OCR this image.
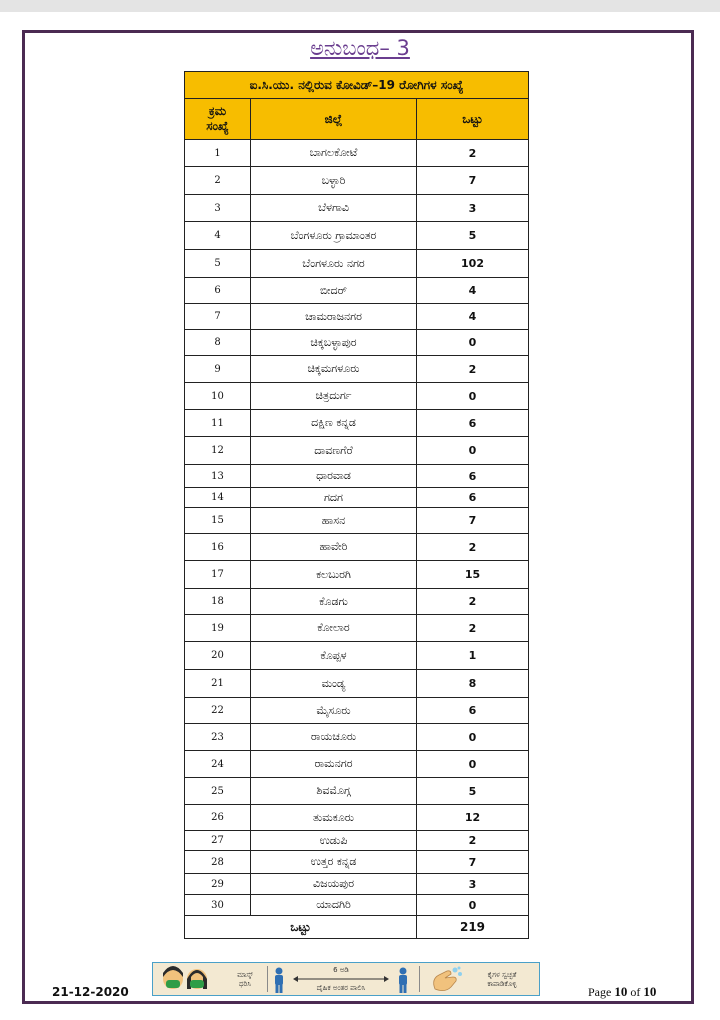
ಅನುಬಂಧ– 3
ಐ.ಸಿ.ಯು. ನಲ್ಲಿರುವ ಕೋವಿಡ್–19 ರೋಗಿಗಳ ಸಂಖ್ಯೆ		
ಕ್ರಮ
ಸಂಖ್ಯೆ	ಜಿಲ್ಲೆ	ಒಟ್ಟು
1	ಬಾಗಲಕೋಟೆ	2
2	ಬಳ್ಳಾರಿ	7
3	ಬೆಳಗಾವಿ	3
4	ಬೆಂಗಳೂರು ಗ್ರಾಮಾಂತರ	5
5	ಬೆಂಗಳೂರು ನಗರ	102
6	ಬೀದರ್	4
7	ಚಾಮರಾಜನಗರ	4
8	ಚಿಕ್ಕಬಳ್ಳಾಪುರ	0
9	ಚಿಕ್ಕಮಗಳೂರು	2
10	ಚಿತ್ರದುರ್ಗ	0
11	ದಕ್ಷಿಣ ಕನ್ನಡ	6
12	ದಾವಣಗೆರೆ	0
13	ಧಾರವಾಡ	6
14	ಗದಗ	6
15	ಹಾಸನ	7
16	ಹಾವೇರಿ	2
17	ಕಲಬುರಗಿ	15
18	ಕೊಡಗು	2
19	ಕೋಲಾರ	2
20	ಕೊಪ್ಪಳ	1
21	ಮಂಡ್ಯ	8
22	ಮೈಸೂರು	6
23	ರಾಯಚೂರು	0
24	ರಾಮನಗರ	0
25	ಶಿವಮೊಗ್ಗ	5
26	ತುಮಕೂರು	12
27	ಉಡುಪಿ	2
28	ಉತ್ತರ ಕನ್ನಡ	7
29	ವಿಜಯಪುರ	3
30	ಯಾದಗಿರಿ	0
ಒಟ್ಟು		219
ಮಾಸ್ಕ್
ಧರಿಸಿ
6 ಅಡಿ
ದೈಹಿಕ ಅಂತರ ಪಾಲಿಸಿ
ಕೈಗಳ ಸ್ವಚ್ಛತೆ
ಕಾಪಾಡಿಕೊಳ್ಳಿ
21-12-2020	Page 10 of 10
